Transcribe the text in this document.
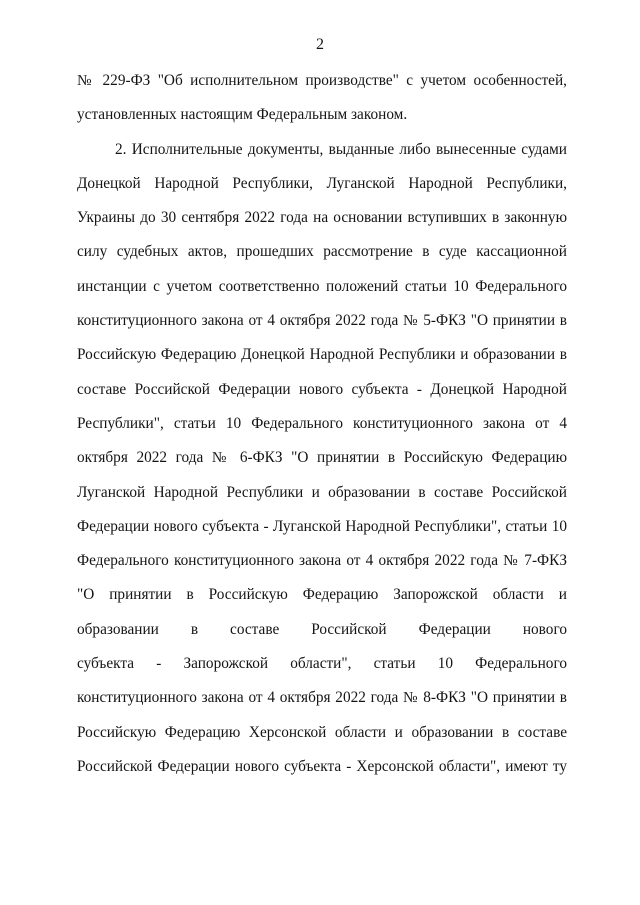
2
№ 229-ФЗ "Об исполнительном производстве" с учетом особенностей,
установленных настоящим Федеральным законом.
2. Исполнительные документы, выданные либо вынесенные судами
Донецкой Народной Республики, Луганской Народной Республики,
Украины до 30 сентября 2022 года на основании вступивших в законную
силу судебных актов, прошедших рассмотрение в суде кассационной
инстанции с учетом соответственно положений статьи 10 Федерального
конституционного закона от 4 октября 2022 года № 5-ФКЗ "О принятии в
Российскую Федерацию Донецкой Народной Республики и образовании в
составе Российской Федерации нового субъекта - Донецкой Народной
Республики", статьи 10 Федерального конституционного закона от 4
октября 2022 года № 6-ФКЗ "О принятии в Российскую Федерацию
Луганской Народной Республики и образовании в составе Российской
Федерации нового субъекта - Луганской Народной Республики", статьи 10
Федерального конституционного закона от 4 октября 2022 года № 7-ФКЗ
"О принятии в Российскую Федерацию Запорожской области и
образовании в составе Российской Федерации нового
субъекта - Запорожской области", статьи 10 Федерального
конституционного закона от 4 октября 2022 года № 8-ФКЗ "О принятии в
Российскую Федерацию Херсонской области и образовании в составе
Российской Федерации нового субъекта - Херсонской области", имеют ту
